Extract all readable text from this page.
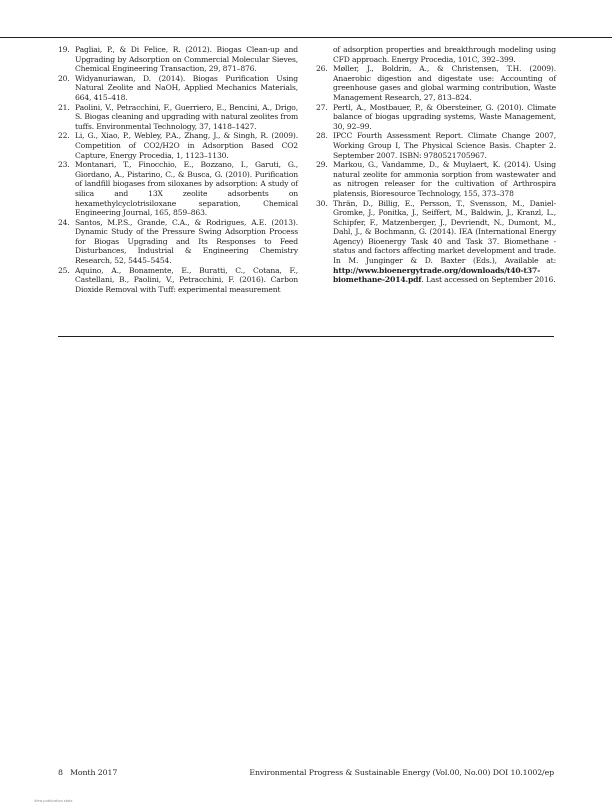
19. Pagliai, P., & Di Felice, R. (2012). Biogas Clean-up and Upgrading by Adsorption on Commercial Molecular Sieves, Chemical Engineering Transaction, 29, 871–876.

20. Widyanuriawan, D. (2014). Biogas Purification Using Natural Zeolite and NaOH, Applied Mechanics Materials, 664, 415–418.

21. Paolini, V., Petracchini, F., Guerriero, E., Bencini, A., Drigo, S. Biogas cleaning and upgrading with natural zeolites from tuffs. Environmental Technology, 37, 1418–1427.

22. Li, G., Xiao, P., Webley, P.A., Zhang, J., & Singh, R. (2009). Competition of CO2/H2O in Adsorption Based CO2 Capture, Energy Procedia, 1, 1123–1130.

23. Montanari, T., Finocchio, E., Bozzano, I., Garuti, G., Giordano, A., Pistarino, C., & Busca, G. (2010). Purification of landfill biogases from siloxanes by adsorption: A study of silica and 13X zeolite adsorbents on hexamethylcyclotrisiloxane separation, Chemical Engineering Journal, 165, 859–863.

24. Santos, M.P.S., Grande, C.A., & Rodrigues, A.E. (2013). Dynamic Study of the Pressure Swing Adsorption Process for Biogas Upgrading and Its Responses to Feed Disturbances, Industrial & Engineering Chemistry Research, 52, 5445–5454.

25. Aquino, A., Bonamente, E., Buratti, C., Cotana, F., Castellani, B., Paolini, V., Petracchini, F. (2016). Carbon Dioxide Removal with Tuff: experimental measurement

of adsorption properties and breakthrough modeling using CFD approach. Energy Procedia, 101C, 392–399.

26. Møller, J., Boldrin, A., & Christensen, T.H. (2009). Anaerobic digestion and digestate use: Accounting of greenhouse gases and global warming contribution, Waste Management Research, 27, 813–824.

27. Pertl, A., Mostbauer, P., & Obersteiner, G. (2010). Climate balance of biogas upgrading systems, Waste Management, 30, 92–99.

28. IPCC Fourth Assessment Report. Climate Change 2007, Working Group I, The Physical Science Basis. Chapter 2. September 2007. ISBN: 9780521705967.

29. Markou, G., Vandamme, D., & Muylaert, K. (2014). Using natural zeolite for ammonia sorption from wastewater and as nitrogen releaser for the cultivation of Arthrospira platensis, Bioresource Technology, 155, 373–378

30. Thrän, D., Billig, E., Persson, T., Svensson, M., Daniel-Gromke, J., Ponitka, J., Seiffert, M., Baldwin, J., Kranzl, L., Schipfer, F., Matzenberger, J., Devriendt, N., Dumont, M., Dahl, J., & Bochmann, G. (2014). IEA (International Energy Agency) Bioenergy Task 40 and Task 37. Biomethane - status and factors affecting market development and trade. In M. Junginger & D. Baxter (Eds.), Available at: http://www.bioenergytrade.org/downloads/t40-t37-biomethane-2014.pdf. Last accessed on September 2016.

8 Month 2017	Environmental Progress & Sustainable Energy (Vol.00, No.00) DOI 10.1002/ep
View publication stats
